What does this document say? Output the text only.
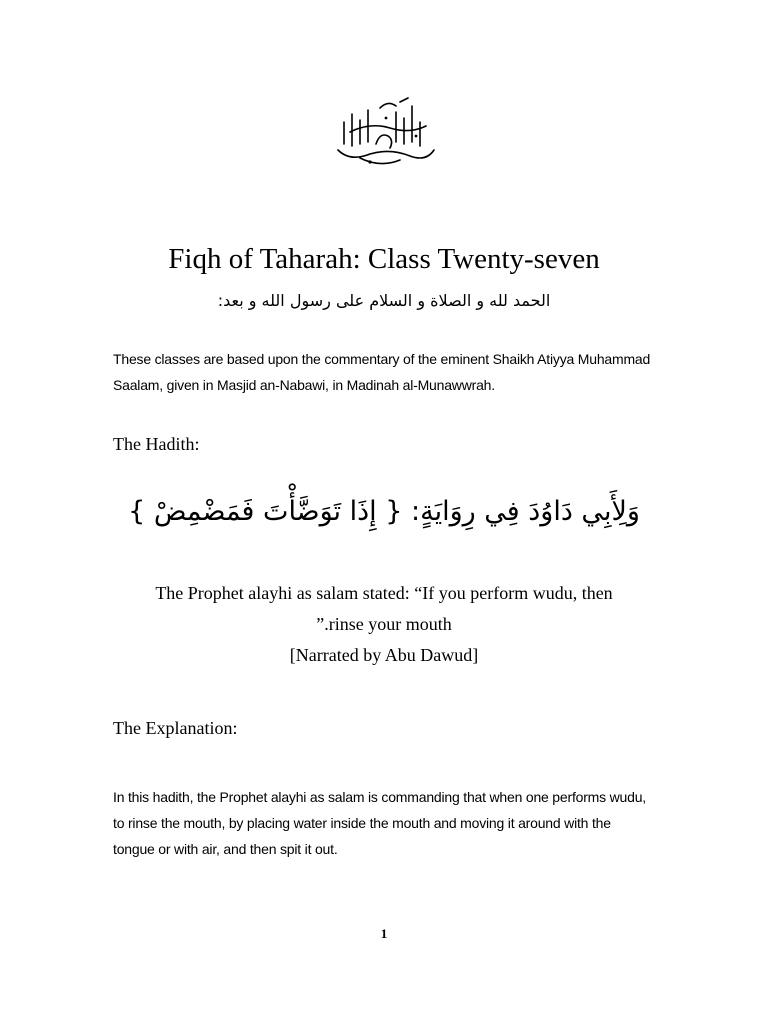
Fiqh of Taharah: Class Twenty-seven
الحمد لله و الصلاة و السلام على رسول الله و بعد:

These classes are based upon the commentary of the eminent Shaikh Atiyya Muhammad
Saalam, given in Masjid an-Nabawi, in Madinah al-Munawwrah.

The Hadith:
وَلِأَبِي دَاوُدَ فِي رِوَايَةٍ: { إِذَا تَوَضَّأْتَ فَمَضْمِضْ }
The Prophet alayhi as salam stated: “If you perform wudu, then
”.rinse your mouth
[Narrated by Abu Dawud]
The Explanation:

In this hadith, the Prophet alayhi as salam is commanding that when one performs wudu,
to rinse the mouth, by placing water inside the mouth and moving it around with the
tongue or with air, and then spit it out.

1
